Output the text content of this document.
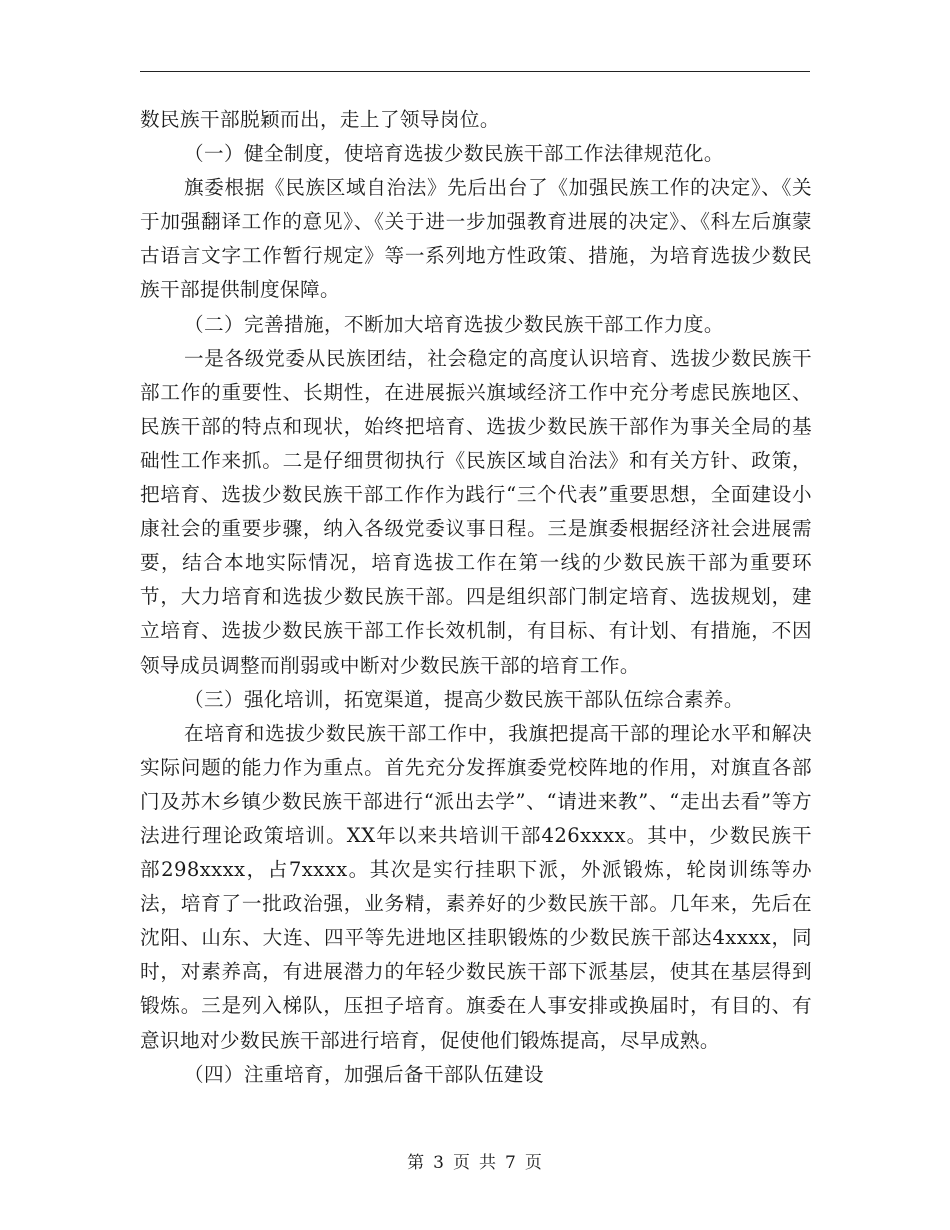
数民族干部脱颖而出，走上了领导岗位。

（一）健全制度，使培育选拔少数民族干部工作法律规范化。

旗委根据《民族区域自治法》先后出台了《加强民族工作的决定》、《关于加强翻译工作的意见》、《关于进一步加强教育进展的决定》、《科左后旗蒙古语言文字工作暂行规定》等一系列地方性政策、措施，为培育选拔少数民族干部提供制度保障。

（二）完善措施，不断加大培育选拔少数民族干部工作力度。

一是各级党委从民族团结，社会稳定的高度认识培育、选拔少数民族干部工作的重要性、长期性，在进展振兴旗域经济工作中充分考虑民族地区、民族干部的特点和现状，始终把培育、选拔少数民族干部作为事关全局的基础性工作来抓。二是仔细贯彻执行《民族区域自治法》和有关方针、政策，把培育、选拔少数民族干部工作作为践行“三个代表”重要思想，全面建设小康社会的重要步骤，纳入各级党委议事日程。三是旗委根据经济社会进展需要，结合本地实际情况，培育选拔工作在第一线的少数民族干部为重要环节，大力培育和选拔少数民族干部。四是组织部门制定培育、选拔规划，建立培育、选拔少数民族干部工作长效机制，有目标、有计划、有措施，不因领导成员调整而削弱或中断对少数民族干部的培育工作。

（三）强化培训，拓宽渠道，提高少数民族干部队伍综合素养。

在培育和选拔少数民族干部工作中，我旗把提高干部的理论水平和解决实际问题的能力作为重点。首先充分发挥旗委党校阵地的作用，对旗直各部门及苏木乡镇少数民族干部进行“派出去学”、“请进来教”、“走出去看”等方法进行理论政策培训。XX年以来共培训干部426xxxx。其中，少数民族干部298xxxx，占7xxxx。其次是实行挂职下派，外派锻炼，轮岗训练等办法，培育了一批政治强，业务精，素养好的少数民族干部。几年来，先后在沈阳、山东、大连、四平等先进地区挂职锻炼的少数民族干部达4xxxx，同时，对素养高，有进展潜力的年轻少数民族干部下派基层，使其在基层得到锻炼。三是列入梯队，压担子培育。旗委在人事安排或换届时，有目的、有意识地对少数民族干部进行培育，促使他们锻炼提高，尽早成熟。

（四）注重培育，加强后备干部队伍建设

第 3 页 共 7 页
